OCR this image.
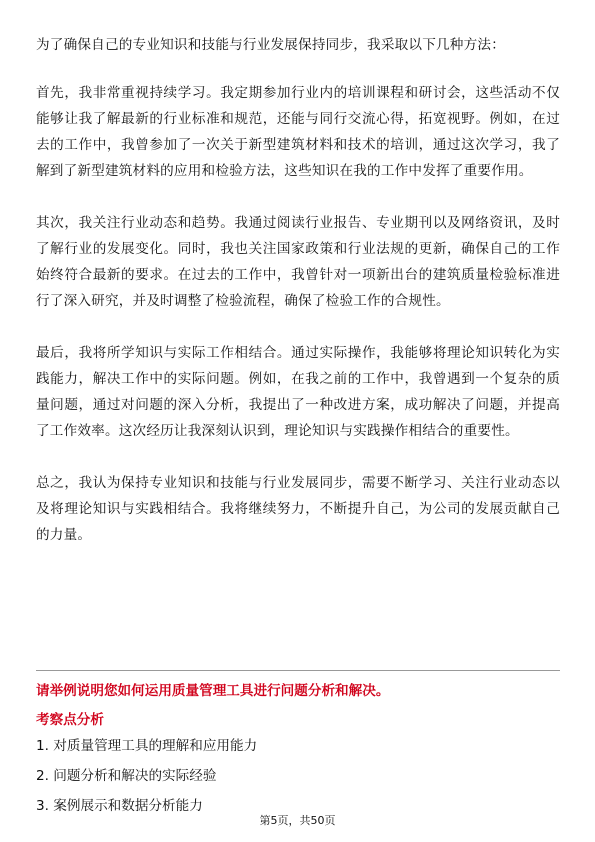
为了确保自己的专业知识和技能与行业发展保持同步，我采取以下几种方法：

首先，我非常重视持续学习。我定期参加行业内的培训课程和研讨会，这些活动不仅能够让我了解最新的行业标准和规范，还能与同行交流心得，拓宽视野。例如，在过去的工作中，我曾参加了一次关于新型建筑材料和技术的培训，通过这次学习，我了解到了新型建筑材料的应用和检验方法，这些知识在我的工作中发挥了重要作用。

其次，我关注行业动态和趋势。我通过阅读行业报告、专业期刊以及网络资讯，及时了解行业的发展变化。同时，我也关注国家政策和行业法规的更新，确保自己的工作始终符合最新的要求。在过去的工作中，我曾针对一项新出台的建筑质量检验标准进行了深入研究，并及时调整了检验流程，确保了检验工作的合规性。

最后，我将所学知识与实际工作相结合。通过实际操作，我能够将理论知识转化为实践能力，解决工作中的实际问题。例如，在我之前的工作中，我曾遇到一个复杂的质量问题，通过对问题的深入分析，我提出了一种改进方案，成功解决了问题，并提高了工作效率。这次经历让我深刻认识到，理论知识与实践操作相结合的重要性。

总之，我认为保持专业知识和技能与行业发展同步，需要不断学习、关注行业动态以及将理论知识与实践相结合。我将继续努力，不断提升自己，为公司的发展贡献自己的力量。

请举例说明您如何运用质量管理工具进行问题分析和解决。
考察点分析
1. 对质量管理工具的理解和应用能力
2. 问题分析和解决的实际经验
3. 案例展示和数据分析能力
第5页，共50页
